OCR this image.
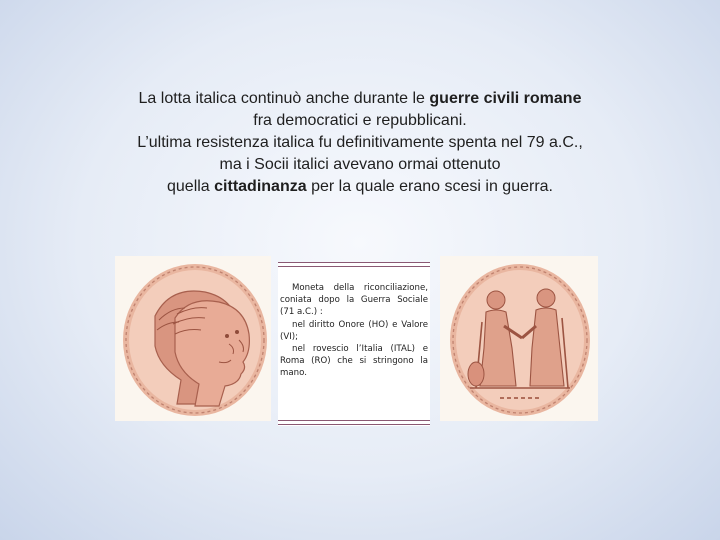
La lotta italica continuò anche durante le guerre civili romane
fra democratici e repubblicani.
L’ultima resistenza italica fu definitivamente spenta nel 79 a.C.,
ma i Socii italici avevano ormai ottenuto
quella cittadinanza per la quale erano scesi in guerra.
Moneta della riconciliazione, coniata dopo la Guerra Sociale (71 a.C.) :
nel diritto Onore (HO) e Valore (VI);
nel rovescio l’Italia (ITAL) e Roma (RO) che si stringono la mano.
